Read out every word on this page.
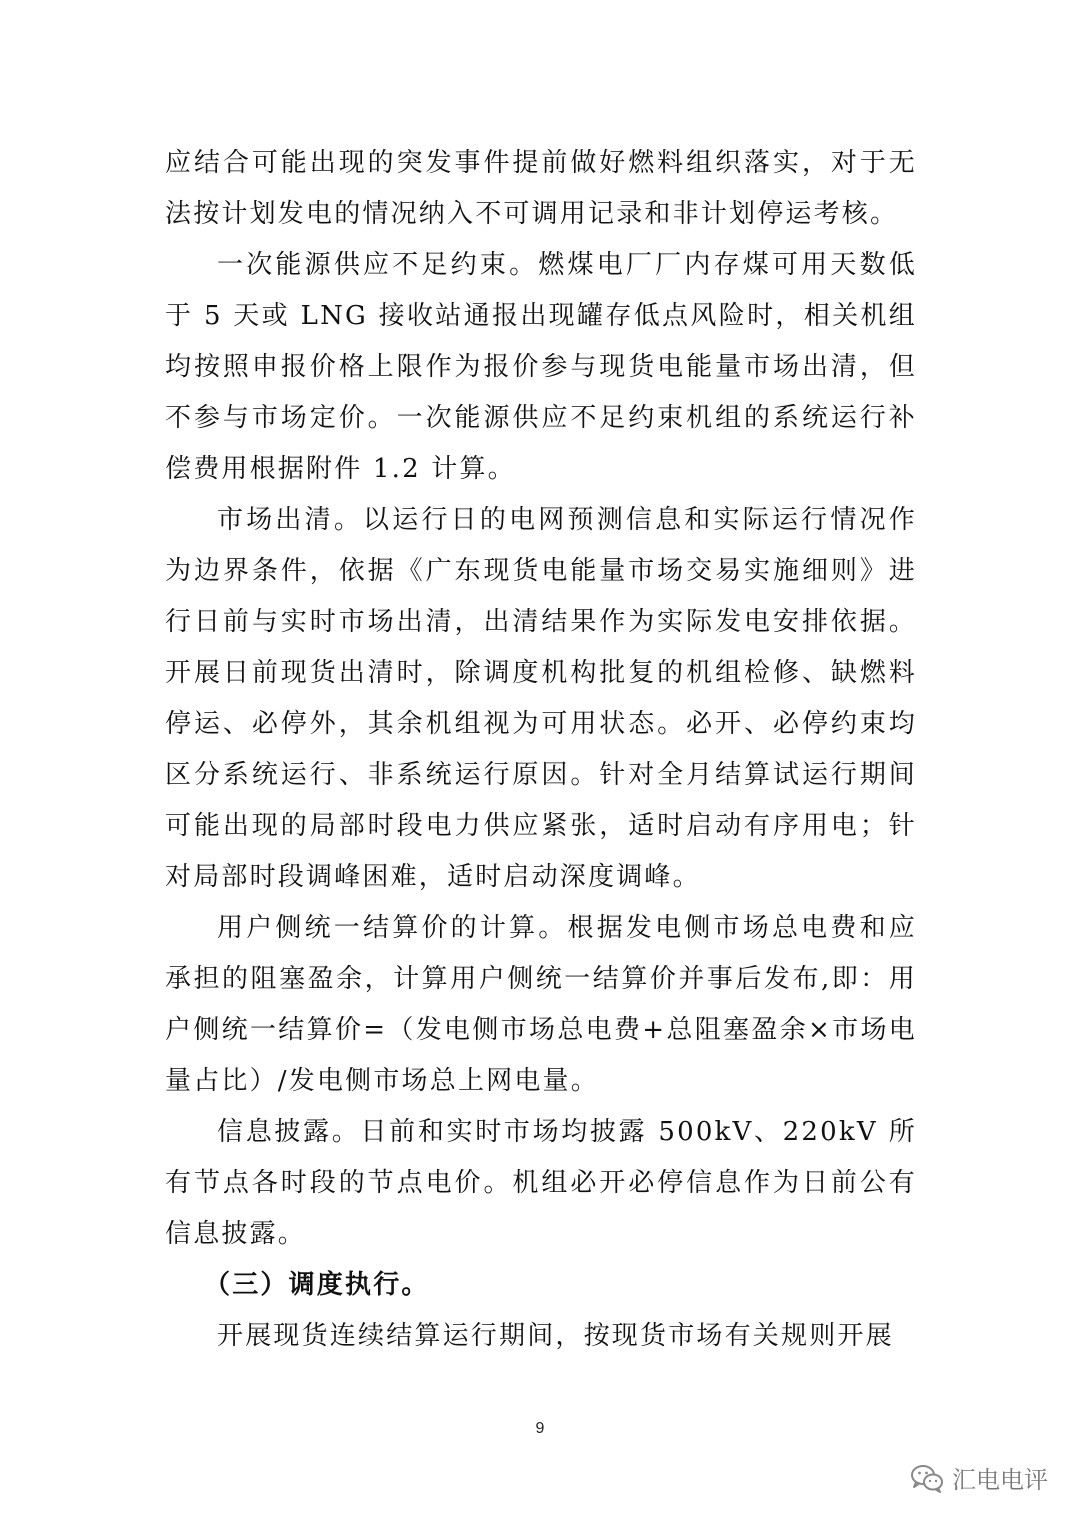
应结合可能出现的突发事件提前做好燃料组织落实，对于无法按计划发电的情况纳入不可调用记录和非计划停运考核。

一次能源供应不足约束。燃煤电厂厂内存煤可用天数低于 5 天或 LNG 接收站通报出现罐存低点风险时，相关机组均按照申报价格上限作为报价参与现货电能量市场出清，但不参与市场定价。一次能源供应不足约束机组的系统运行补偿费用根据附件 1.2 计算。

市场出清。以运行日的电网预测信息和实际运行情况作为边界条件，依据《广东现货电能量市场交易实施细则》进行日前与实时市场出清，出清结果作为实际发电安排依据。开展日前现货出清时，除调度机构批复的机组检修、缺燃料停运、必停外，其余机组视为可用状态。必开、必停约束均区分系统运行、非系统运行原因。针对全月结算试运行期间可能出现的局部时段电力供应紧张，适时启动有序用电；针对局部时段调峰困难，适时启动深度调峰。

用户侧统一结算价的计算。根据发电侧市场总电费和应承担的阻塞盈余，计算用户侧统一结算价并事后发布,即：用户侧统一结算价=（发电侧市场总电费+总阻塞盈余×市场电量占比）/发电侧市场总上网电量。

信息披露。日前和实时市场均披露 500kV、220kV 所有节点各时段的节点电价。机组必开必停信息作为日前公有信息披露。

（三）调度执行。

开展现货连续结算运行期间，按现货市场有关规则开展

9
汇电电评
